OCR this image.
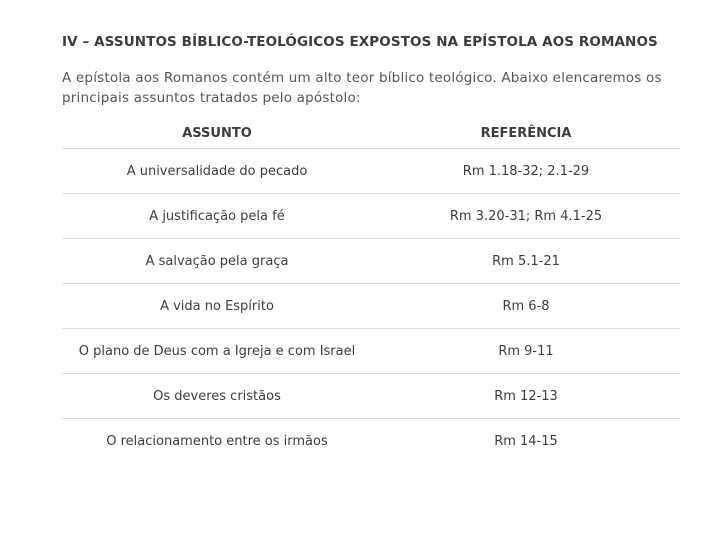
IV – ASSUNTOS BÍBLICO-TEOLÓGICOS EXPOSTOS NA EPÍSTOLA AOS ROMANOS

A epístola aos Romanos contém um alto teor bíblico teológico. Abaixo elencaremos os principais assuntos tratados pelo apóstolo:

ASSUNTO	REFERÊNCIA
A universalidade do pecado	Rm 1.18-32; 2.1-29
A justificação pela fé	Rm 3.20-31; Rm 4.1-25
A salvação pela graça	Rm 5.1-21
A vida no Espírito	Rm 6-8
O plano de Deus com a Igreja e com Israel	Rm 9-11
Os deveres cristãos	Rm 12-13
O relacionamento entre os irmãos	Rm 14-15
